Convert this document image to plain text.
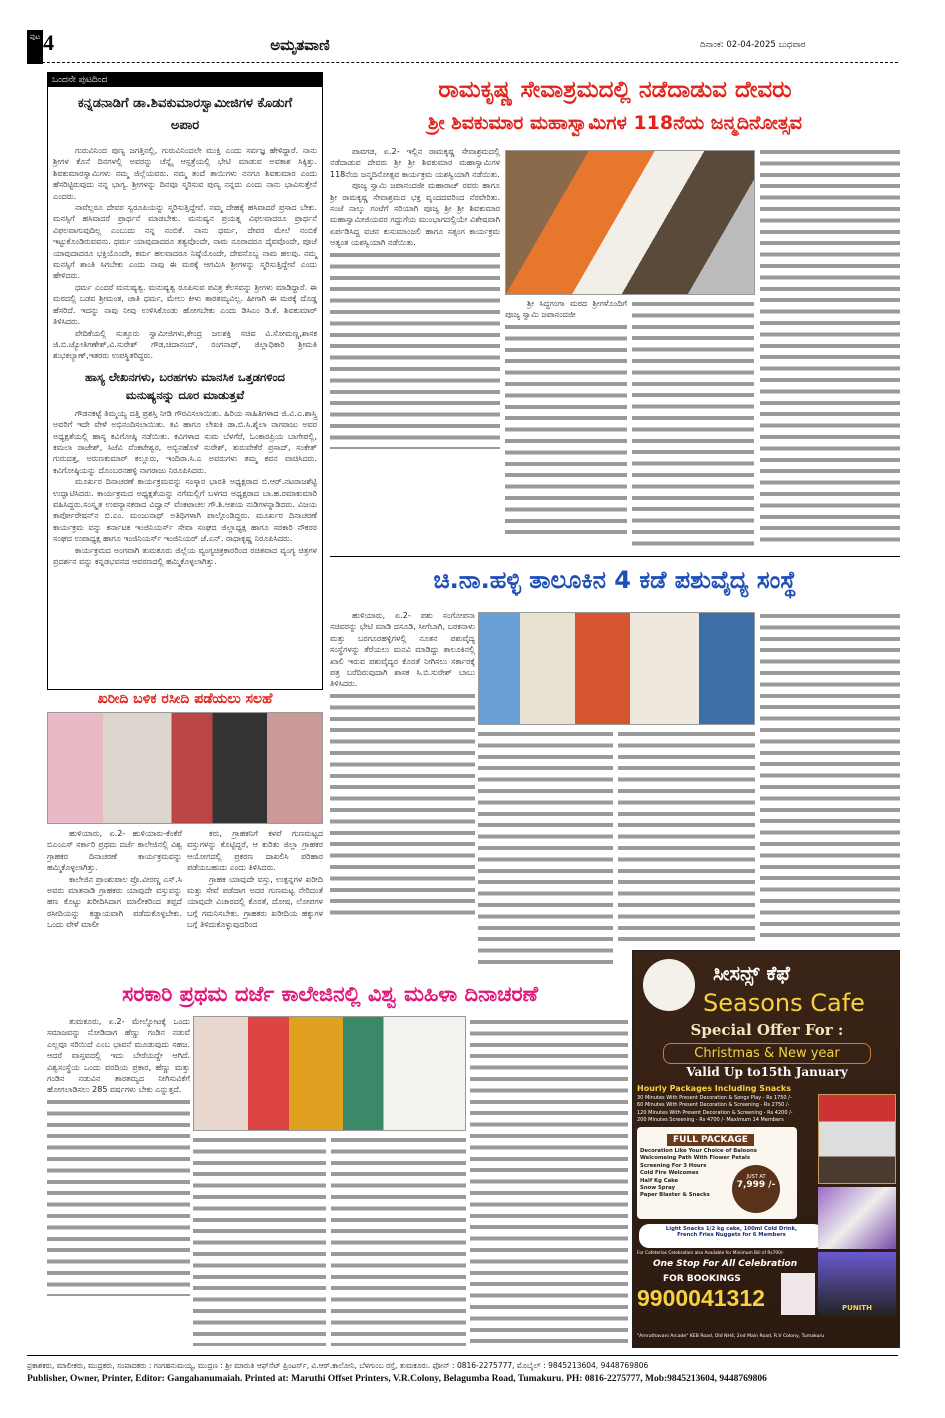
ಪುಟ 4	ಅಮೃತವಾಣಿ	ದಿನಾಂಕ: 02-04-2025 ಬುಧವಾರ
ಒಂದನೇ ಪುಟದಿಂದ
ಕನ್ನಡನಾಡಿಗೆ ಡಾ.ಶಿವಕುಮಾರಸ್ವಾಮೀಜಿಗಳ ಕೊಡುಗೆ ಅಪಾರ

ಗುರುವಿನಿಂದ ಪುಣ್ಯ ಜಗತ್ತಿನಲ್ಲಿ, ಗುರುವಿನಿಂದಲೇ ಮುಕ್ತಿ ಎಂದು ಸರ್ವಜ್ಞ ಹೇಳಿದ್ದಾರೆ. ನಾನು ಶ್ರೀಗಳ ಕೊನೆ ದಿನಗಳಲ್ಲಿ ಅವರನ್ನು ಚೆನ್ನೈ ಆಸ್ಪತ್ರೆಯಲ್ಲಿ ಭೇಟಿ ಮಾಡುವ ಅವಕಾಶ ಸಿಕ್ಕಿತ್ತು. ಶಿವಕುಮಾರಸ್ವಾಮಿಗಳು ನಮ್ಮ ಜಿಲ್ಲೆಯವರು. ನಮ್ಮ ತಂದೆ ತಾಯಿಗಳು ನನಗೂ ಶಿವಕುಮಾರ ಎಂದು ಹೆಸರಿಟ್ಟಿರುವುದು ನನ್ನ ಭಾಗ್ಯ. ಶ್ರೀಗಳನ್ನು ದಿನವೂ ಸ್ಮರಿಸುವ ಪುಣ್ಯ ನನ್ನದು ಎಂದು ನಾನು ಭಾವಿಸುತ್ತೇನೆ ಎಂದರು.

ನಾವೆಲ್ಲರೂ ದೇವರ ಸ್ವರೂಪಿಯನ್ನು ಸ್ಮರಿಸುತ್ತಿದ್ದೇವೆ. ನಮ್ಮ ದೇಹಕ್ಕೆ ಹಸಿವಾದರೆ ಪ್ರಸಾದ ಬೇಕು. ಮನಸ್ಸಿಗೆ ಹಸಿವಾದರೆ ಪ್ರಾರ್ಥನೆ ಮಾಡಬೇಕು. ಮನುಷ್ಯನ ಪ್ರಯತ್ನ ವಿಫಲವಾದರೂ ಪ್ರಾರ್ಥನೆ ವಿಫಲವಾಗುವುದಿಲ್ಲ ಎಂಬುದು ನನ್ನ ನಂಬಿಕೆ. ನಾನು ಧರ್ಮ, ದೇವರ ಮೇಲೆ ನಂಬಿಕೆ ಇಟ್ಟುಕೊಂಡಿರುವವನು. ಧರ್ಮ ಯಾವುದಾದರೂ ತತ್ವವೊಂದೇ, ನಾಮ ನೂರಾದರೂ ದೈವವೊಂದೇ, ಪೂಜೆ ಯಾವುದಾದರೂ ಭಕ್ತಿಯೊಂದೇ, ಕರ್ಮ ಹಲವಾದರೂ ನಿಷ್ಠೆಯೊಂದೇ, ದೇವನೊಬ್ಬ ನಾಮ ಹಲವು. ನಮ್ಮ ಮನಸ್ಸಿಗೆ ಶಾಂತಿ ಸಿಗಬೇಕು ಎಂದು ನಾವು ಈ ಮಠಕ್ಕೆ ಆಗಮಿಸಿ ಶ್ರೀಗಳನ್ನು ಸ್ಮರಿಸುತ್ತಿದ್ದೇವೆ ಎಂದು ಹೇಳಿದರು.

ಧರ್ಮ ಎಂದರೆ ಮನುಷ್ಯತ್ವ. ಮನುಷ್ಯತ್ವ ರೂಪಿಸುವ ಪವಿತ್ರ ಕೆಲಸವನ್ನು ಶ್ರೀಗಳು ಮಾಡಿದ್ದಾರೆ. ಈ ಮಠದಲ್ಲಿ ಬಡವ ಶ್ರೀಮಂತ, ಜಾತಿ ಧರ್ಮ, ಮೇಲು ಕೀಳು ತಾರತಮ್ಯವಿಲ್ಲ. ಹೀಗಾಗಿ ಈ ಮಠಕ್ಕೆ ದೊಡ್ಡ ಹೆಸರಿದೆ. ಇದನ್ನು ನಾವು ನೀವು ಉಳಿಸಿಕೊಂಡು ಹೋಗಬೇಕು ಎಂದು ಡಿಸಿಎಂ ಡಿ.ಕೆ. ಶಿವಕುಮಾರ್ ತಿಳಿಸಿದರು.

ವೇದಿಕೆಯಲ್ಲಿ ಸುತ್ತೂರು ಸ್ವಾಮೀಜಿಗಳು,ಕೇಂದ್ರ ಜಲಶಕ್ತಿ ಸಚಿವ ವಿ.ಸೋಮಣ್ಣ,ಶಾಸಕ ಜಿ.ಬಿ.ಜ್ಯೋತಿಗಣೇಶ್,ವಿ.ಸುರೇಶ್ ಗೌಡ,ಚಿದಾನಂದ್, ರಂಗನಾಥ್, ಜಿಲ್ಲಾಧಿಕಾರಿ ಶ್ರೀಮತಿ ಶುಭಕಲ್ಯಾಣ್,ಇತರರು ಉಪಸ್ಥಿತರಿದ್ದರು.

ಹಾಸ್ಯ ಲೇಖನಗಳು, ಬರಹಗಳು ಮಾನಸಿಕ ಒತ್ತಡಗಳಿಂದ ಮನುಷ್ಯನನ್ನು ದೂರ ಮಾಡುತ್ತವೆ

ಗೌಡನಕಟ್ಟೆ ತಿಮ್ಮಯ್ಯ ದತ್ತಿ ಪ್ರಶಸ್ತಿ ನೀಡಿ ಗೌರವಿಸಲಾಯಿತು. ಹಿರಿಯ ಸಾಹಿತಿಗಳಾದ ಜಿ.ವಿ.ಎ.ಶಾಸ್ತ್ರಿ ಅವರಿಗೆ ಇದೇ ವೇಳೆ ಅಭಿನಂದಿಸಲಾಯಿತು. ಕವಿ ಹಾಗೂ ಲೇಖಕಿ ಡಾ.ಬಿ.ಸಿ.ಶೈಲಾ ನಾಗರಾಜು ಅವರ ಅಧ್ಯಕ್ಷತೆಯಲ್ಲಿ ಹಾಸ್ಯ ಕವಿಗೋಷ್ಠಿ ನಡೆಯಿತು. ಕವಿಗಳಾದ ಸುಮ ಬೆಳಗೆರೆ, ಓಂಕಾರಪ್ರಿಯ ಬಾಗೇಪಲ್ಲಿ, ಕಮಲಾ ರಾಜೇಶ್, ಸಿಜೆವಿ ವೆಂಕಟೇಶ್ವರ, ಅಬ್ಬಿನಹೊಳೆ ಸುರೇಶ್, ತುರುವೇಕೆರೆ ಪ್ರಸಾದ್, ಸಂಕೇತ್ ಗುರುದತ್ತ, ಅರುಣಕುಮಾರ್ ಕಲ್ಲೂರು, ಇಂದಿರಾ.ಸಿ.ಎ ಅವರುಗಳು ತಮ್ಮ ಕವನ ವಾಚಿಸಿದರು. ಕವಿಗೋಷ್ಠಿಯನ್ನು ದೊಂಬರನಹಳ್ಳಿ ನಾಗರಾಜು ನಿರೂಪಿಸಿದರು.

ಮೂರ್ಖರ ದಿನಾಚರಣೆ ಕಾರ್ಯಕ್ರಮವನ್ನು ಸಂಸ್ಕಾರ ಭಾರತಿ ಅಧ್ಯಕ್ಷರಾದ ಬಿ.ಆರ್.ನಟರಾಜಶೆಟ್ಟಿ ಉದ್ಘಾಟಿಸಿದರು. ಕಾರ್ಯಕ್ರಮದ ಅಧ್ಯಕ್ಷತೆಯನ್ನು ನಗೆಮಲ್ಲಿಗೆ ಬಳಗದ ಅಧ್ಯಕ್ಷರಾದ ಬಾ.ಹ.ರಮಾಕುಮಾರಿ ವಹಿಸಿದ್ದರು.ಸಂಸ್ಕೃತ ಉಪನ್ಯಾಸಕರಾದ ವಿದ್ವಾನ್ ವೆಂಕಟಾಚಲ ಗೌ.ಶಿ.ಆಶಯ ನುಡಿಗಳನ್ನಾಡಿದರು. ವಿಜಯ ಕಾರ್ಪೋರೇಷನ್‌ನ ಬಿ.ಎಂ. ಮಂಜುನಾಥ್ ಅತಿಥಿಗಳಾಗಿ ಪಾಲ್ಗೊಂಡಿದ್ದರು. ಮೂರ್ಖರ ದಿನಾಚರಣೆ ಕಾರ್ಯಕ್ರಮ ವನ್ನು ಕರ್ನಾಟಕ ಇಂಜಿನಿಯರ್ಸ್ ಸೇವಾ ಸಂಘದ ಜಿಲ್ಲಾಧ್ಯಕ್ಷ ಹಾಗೂ ಸರಕಾರಿ ನೌಕರರ ಸಂಘದ ಉಪಾಧ್ಯಕ್ಷ ಹಾಗೂ ಇಂಜಿನಿಯರ್ಸ್ ಇಂಜಿನಿಯರ್ ಜೆ.ಎನ್. ರಾಧಾಕೃಷ್ಣ ನಿರೂಪಿಸಿದರು.

ಕಾರ್ಯಕ್ರಮದ ಅಂಗವಾಗಿ ತುಮಕೂರು ಜಿಲ್ಲೆಯ ವ್ಯಂಗ್ಯಚಿತ್ರಕಾರರಿಂದ ರಚಿತವಾದ ವ್ಯಂಗ್ಯ ಚಿತ್ರಗಳ ಪ್ರದರ್ಶನ ವನ್ನು ಕನ್ನಡಭವನದ ಆವರಣದಲ್ಲಿ ಹಮ್ಮಿಕೊಳ್ಳಲಾಗಿತ್ತು.

ಖರೀದಿ ಬಳಿಕ ರಸೀದಿ ಪಡೆಯಲು ಸಲಹೆ

ಹುಳಿಯಾರು, ಏ.2- ಹುಳಿಯಾರು-ಕೆಂಕೆರೆ ಬಿಎಂಎಸ್ ಸರ್ಕಾರಿ ಪ್ರಥಮ ದರ್ಜೆ ಕಾಲೇಜಿನಲ್ಲಿ ವಿಶ್ವ ಗ್ರಾಹಕರ ದಿನಾಚರಣೆ ಕಾರ್ಯಕ್ರಮವನ್ನು ಹಮ್ಮಿಕೊಳ್ಳಲಾಗಿತ್ತು.

ಕಾಲೇಜಿನ ಪ್ರಾಂಶುಪಾಲ ಪ್ರೊ.ವೀರಣ್ಣ ಎಸ್.ಸಿ ಅವರು ಮಾತನಾಡಿ ಗ್ರಾಹಕರು ಯಾವುದೇ ವಸ್ತುವನ್ನು ಹಣ ಕೊಟ್ಟು ಖರೀದಿಸಿದಾಗ ಮಾಲೀಕರಿಂದ ತಪ್ಪದೆ ರಸೀದಿಯನ್ನು ಕಡ್ಡಾಯವಾಗಿ ಪಡೆದುಕೊಳ್ಳಬೇಕು. ಒಂದು ವೇಳೆ ಮಾಲೀ

ಕರು, ಗ್ರಾಹಕನಿಗೆ ಕಳಪೆ ಗುಣಮಟ್ಟದ ವಸ್ತುಗಳನ್ನು ಕೊಟ್ಟಿದ್ದರೆ, ಆ ಕುರಿತು ಜಿಲ್ಲಾ ಗ್ರಾಹಕರ ಆಯೋಗದಲ್ಲಿ ಪ್ರಕರಣ ದಾಖಲಿಸಿ ಪರಿಹಾರ ಪಡೆಯಬಹುದು ಎಂದು ತಿಳಿಸಿದರು.

ಗ್ರಾಹಕ ಯಾವುದೇ ವಸ್ತು, ಉತ್ಪನ್ನಗಳ ಖರೀದಿ ಮತ್ತು ಸೇವೆ ಪಡೆದಾಗ ಅದರ ಗುಣಮಟ್ಟ ನೇರಿದಂತೆ ಯಾವುದೇ ವಿಚಾರದಲ್ಲಿ ಕೊರತೆ, ದೋಷ, ಲೋಪಗಳ ಬಗ್ಗೆ ಗಮನಿಸಬೇಕು. ಗ್ರಾಹಕರು ಖರೀದಿಯ ಹಕ್ಕುಗಳ ಬಗ್ಗೆ ತಿಳಿದುಕೊಳ್ಳುವುದರಿಂದ

ರಾಮಕೃಷ್ಣ ಸೇವಾಶ್ರಮದಲ್ಲಿ ನಡೆದಾಡುವ ದೇವರು
ಶ್ರೀ ಶಿವಕುಮಾರ ಮಹಾಸ್ವಾಮಿಗಳ 118ನೆಯ ಜನ್ಮದಿನೋತ್ಸವ

ಪಾವಗಡ, ಏ.2- ಇಲ್ಲಿನ ರಾಮಕೃಷ್ಣ ಸೇವಾಶ್ರಮದಲ್ಲಿ ನಡೆದಾಡುವ ದೇವರು ಶ್ರೀ ಶ್ರೀ ಶಿವಕುಮಾರ ಮಹಾಸ್ವಾಮಿಗಳ 118ನೆಯ ಜನ್ಮದಿನೋತ್ಸವ ಕಾರ್ಯಕ್ರಮ ಯಶಸ್ವಿಯಾಗಿ ನಡೆಯಿತು.

ಪೂಜ್ಯ ಸ್ವಾಮಿ ಜಪಾನಂದಜೀ ಮಹಾರಾಜ್ ರವರು ಹಾಗೂ ಶ್ರೀ ರಾಮಕೃಷ್ಣ ಸೇವಾಶ್ರಮದ ಭಕ್ತ ವೃಂದದವರಿಂದ ನೆರವೇರಿತು. ಸಂಜೆ ನಾಲ್ಕು ಗಂಟೆಗೆ ಸರಿಯಾಗಿ ಪೂಜ್ಯ ಶ್ರೀ ಶ್ರೀ ಶಿವಕುಮಾರ ಮಹಾಸ್ವಾಮೀಜಿಯವರ ಗದ್ದುಗೆಯ ಮುಂಭಾಗದಲ್ಲಿಯೇ ವಿಶೇಷವಾಗಿ ಏರ್ಪಡಿಸಿದ್ದ ವಚನ ಕುಸುಮಾಂಜಲಿ ಹಾಗೂ ಸತ್ಸಂಗ ಕಾರ್ಯಕ್ರಮ ಅತ್ಯಂತ ಯಶಸ್ವಿಯಾಗಿ ನಡೆಯಿತು.

ಶ್ರೀ ಸಿದ್ಧಗಂಗಾ ಮಠದ ಶ್ರೀಗಳೊಂದಿಗೆ ಪೂಜ್ಯ ಸ್ವಾಮಿ ಜಪಾನಂದಜೀ

ಚಿ.ನಾ.ಹಳ್ಳಿ ತಾಲೂಕಿನ 4 ಕಡೆ ಪಶುವೈದ್ಯ ಸಂಸ್ಥೆ

ಹುಳಿಯಾರು, ಏ.2- ಪಶು ಸಂಗೋಪನಾ ಸಚಿವರನ್ನು ಭೇಟಿ ಮಾಡಿ ದಸೂಡಿ, ಸೀಗೆಬಾಗಿ, ಬರಕನಾಳು ಮತ್ತು ಬರಗೂರಹಳ್ಳಿಗಳಲ್ಲಿ ನೂತನ ಪಶುವೈದ್ಯ ಸಂಸ್ಥೆಗಳನ್ನು ತೆರೆಯಲು ಮನವಿ ಮಾಡಿದ್ದು ತಾಲೂಕಿನಲ್ಲಿ ಖಾಲಿ ಇರುವ ಪಶುವೈದ್ಯರ ಕೊರತೆ ನೀಗಿಸಲು ಸರ್ಕಾರಕ್ಕೆ ಪತ್ರ ಬರೆದಿರುವುದಾಗಿ ಶಾಸಕ ಸಿ.ಬಿ.ಸುರೇಶ್ ಬಾಬು ತಿಳಿಸಿದರು.

ಸರಕಾರಿ ಪ್ರಥಮ ದರ್ಜೆ ಕಾಲೇಜಿನಲ್ಲಿ ವಿಶ್ವ ಮಹಿಳಾ ದಿನಾಚರಣೆ

ತುಮಕೂರು, ಏ.2- ಮೇಲ್ನೋಟಕ್ಕೆ ಒಂದು ಸಮಾಜವನ್ನು ನೋಡಿದಾಗ ಹೆಣ್ಣು ಗಂಡಿನ ನಡುವೆ ಎಲ್ಲವೂ ಸರಿಯಿದೆ ಎಂಬ ಭಾವನೆ ಮೂಡುವುದು ಸಹಜ. ಆದರೆ ವಾಸ್ತವದಲ್ಲಿ ಇದು ಬೇರೆಯದ್ದೇ ಆಗಿದೆ. ವಿಶ್ವಸಂಸ್ಥೆಯ ಒಂದು ವರದಿಯ ಪ್ರಕಾರ, ಹೆಣ್ಣು ಮತ್ತು ಗಂಡಿನ ನಡುವಿನ ತಾರತಮ್ಯದ ನೀಗಿಸುವಿಕೆಗೆ ಹೋಗಲಾಡಿಸಲು 285 ವರ್ಷಗಳು ಬೇಕು ಎನ್ನುತ್ತದೆ.

ಸೀಸನ್ಸ್ ಕೆಫೆ
Seasons Cafe
Special Offer For :
Christmas & New year
Valid Up to15th January
Hourly Packages Including Snacks
30 Minutes With Present Decoration & Songs Play - Rs 1750 /-
60 Minutes With Present Decoration & Screening - Rs 2750 /-
120 Minutes With Present Decoration & Screening - Rs 4200 /-
200 Minutes Screening - Rs 4700 /- Maximum 14 Members
FULL PACKAGE
Decoration Like Your Choice of Baloons
Welcomeing Path With Flower Petals
Screening For 3 Hours
Cold Fire Welcomes
Half Kg Cake
Snow Spray
Paper Blaster & Snacks
JUST AT
7,999 /-
Light Snacks 1/2 kg cake, 100ml Cold Drink, French Fries Nuggets for 6 Members
For Cafeterias Celebration also Available for Minimum Bill of Rs700/-
One Stop For All Celebration
FOR BOOKINGS
9900041312	PUNITH
"Amruthavani Arcade" KEB Road, Old NH4, 2nd Main Road, R.V Colony, Tumakuru
ಪ್ರಕಾಶಕರು, ಮಾಲೀಕರು, ಮುದ್ರಕರು, ಸಂಪಾದಕರು : ಗಂಗಹನುಮಯ್ಯ, ಮುದ್ರಣ : ಶ್ರೀ ಮಾರುತಿ ಆಫ್‌ಸೆಟ್ ಪ್ರಿಂಟರ್ಸ್, ವಿ.ಆರ್.ಕಾಲೋನಿ, ಬೆಳಗುಂಬ ರಸ್ತೆ, ತುಮಕೂರು. ಫೋನ್ : 0816-2275777, ಮೊಬೈಲ್ : 9845213604, 9448769806
Publisher, Owner, Printer, Editor: Gangahanumaiah. Printed at: Maruthi Offset Printers, V.R.Colony, Belagumba Road, Tumakuru. PH: 0816-2275777, Mob:9845213604, 9448769806
